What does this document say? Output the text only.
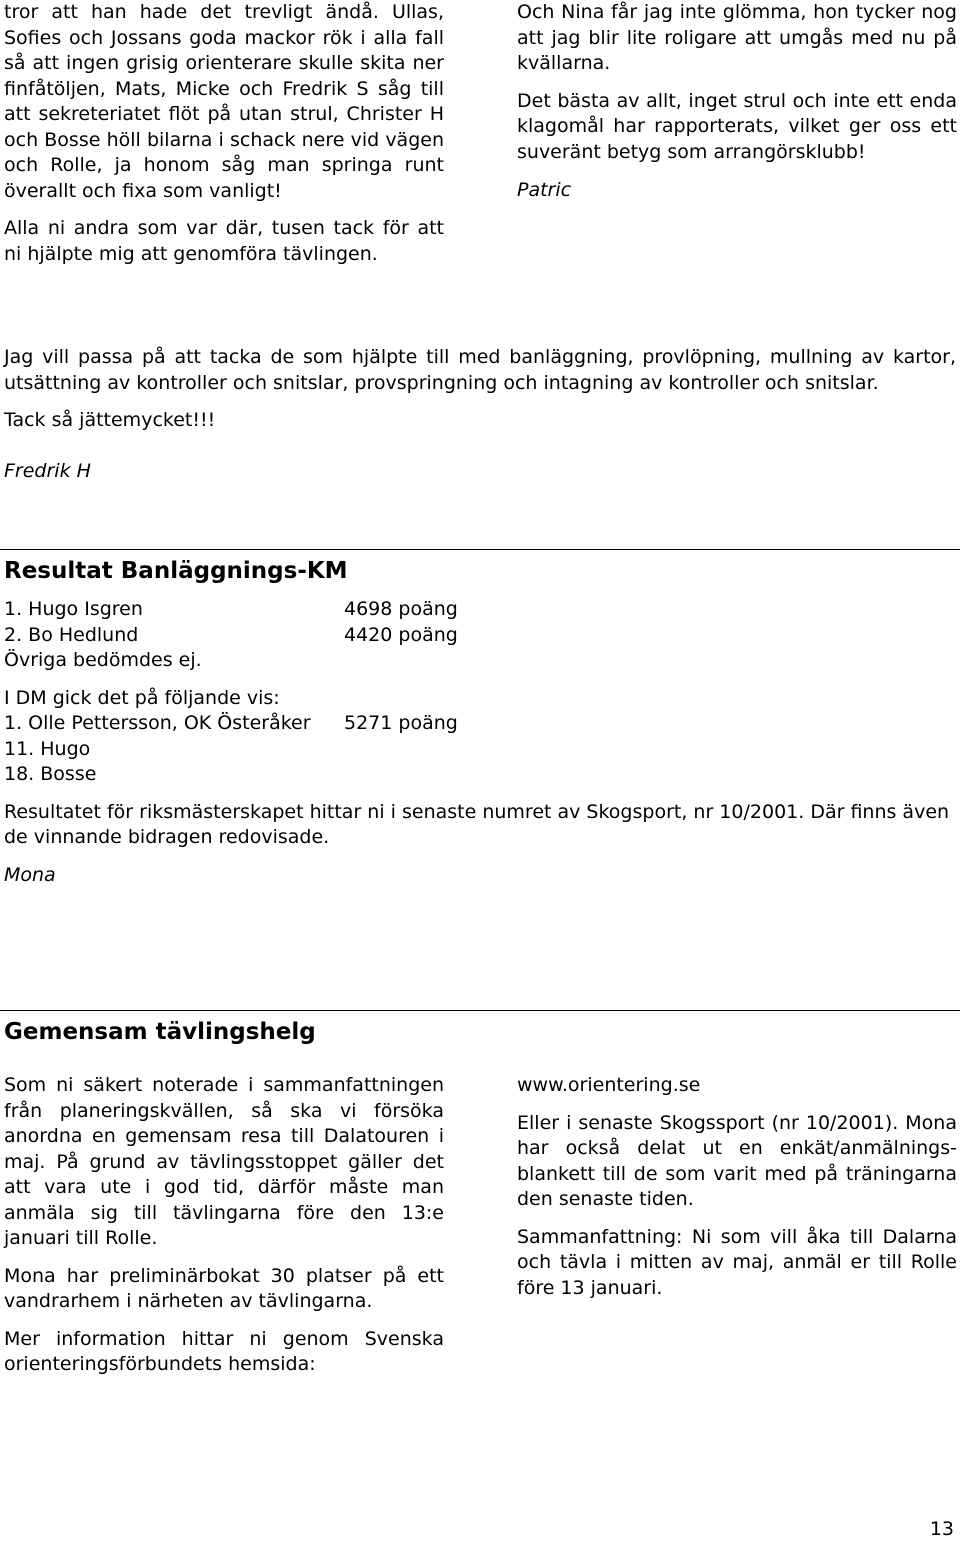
tror att han hade det trevligt ändå. Ullas, Sofies och Jossans goda mackor rök i alla fall så att ingen grisig orienterare skulle skita ner finfåtöljen, Mats, Micke och Fredrik S såg till att sekreteriatet flöt på utan strul, Christer H och Bosse höll bilarna i schack nere vid vägen och Rolle, ja honom såg man springa runt överallt och fixa som vanligt!

Alla ni andra som var där, tusen tack för att ni hjälpte mig att genomföra tävlingen.

Och Nina får jag inte glömma, hon tycker nog att jag blir lite roligare att umgås med nu på kvällarna.

Det bästa av allt, inget strul och inte ett enda klagomål har rapporterats, vilket ger oss ett suveränt betyg som arrangörsklubb!

Patric

Jag vill passa på att tacka de som hjälpte till med banläggning, provlöpning, mullning av kartor, utsättning av kontroller och snitslar, provspringning och intagning av kontroller och snitslar.

Tack så jättemycket!!!

Fredrik H

Resultat Banläggnings-KM

1. Hugo Isgren	4698 poäng
2. Bo Hedlund	4420 poäng

Övriga bedömdes ej.

I DM gick det på följande vis:

1. Olle Pettersson, OK Österåker 5271 poäng
11. Hugo
18. Bosse

Resultatet för riksmästerskapet hittar ni i senaste numret av Skogsport, nr 10/2001. Där finns även de vinnande bidragen redovisade.

Mona

Gemensam tävlingshelg

Som ni säkert noterade i sammanfattningen från planeringskvällen, så ska vi försöka anordna en gemensam resa till Dalatouren i maj. På grund av tävlingsstoppet gäller det att vara ute i god tid, därför måste man anmäla sig till tävlingarna före den 13:e januari till Rolle.

Mona har preliminärbokat 30 platser på ett vandrarhem i närheten av tävlingarna.

Mer information hittar ni genom Svenska orienteringsförbundets hemsida:

www.orientering.se

Eller i senaste Skogssport (nr 10/2001). Mona har också delat ut en enkät/anmälnings-blankett till de som varit med på träningarna den senaste tiden.

Sammanfattning: Ni som vill åka till Dalarna och tävla i mitten av maj, anmäl er till Rolle före 13 januari.

13
